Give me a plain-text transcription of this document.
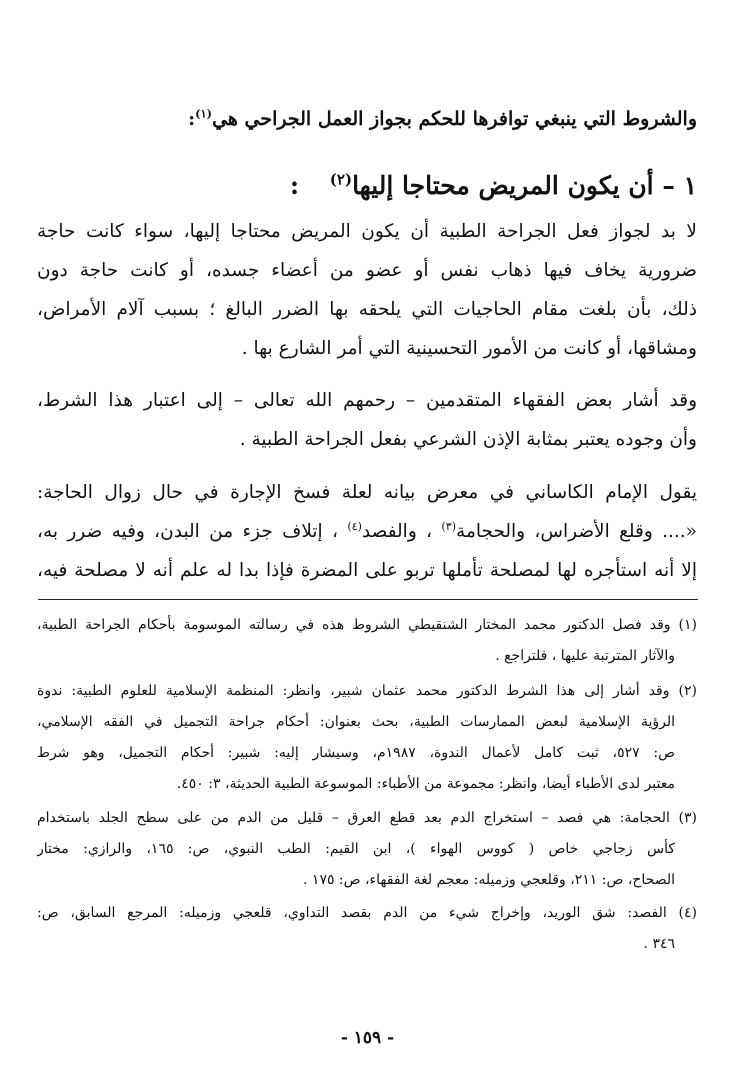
والشروط التي ينبغي توافرها للحكم بجواز العمل الجراحي هي$^{(١)}$:
١ – أن يكون المريض محتاجا إليها$^{(٢)}$ :
لا بد لجواز فعل الجراحة الطبية أن يكون المريض محتاجا إليها، سواء كانت حاجة
ضرورية يخاف فيها ذهاب نفس أو عضو من أعضاء جسده، أو كانت حاجة دون
ذلك، بأن بلغت مقام الحاجيات التي يلحقه بها الضرر البالغ ؛ بسبب آلام الأمراض،
ومشاقها، أو كانت من الأمور التحسينية التي أمر الشارع بها .
وقد أشار بعض الفقهاء المتقدمين – رحمهم الله تعالى – إلى اعتبار هذا الشرط،
وأن وجوده يعتبر بمثابة الإذن الشرعي بفعل الجراحة الطبية .
يقول الإمام الكاساني في معرض بيانه لعلة فسخ الإجارة في حال زوال الحاجة:
«.... وقلع الأضراس، والحجامة$^{(٣)}$ ، والفصد$^{(٤)}$ ، إتلاف جزء من البدن، وفيه ضرر به،
إلا أنه استأجره لها لمصلحة تأملها تربو على المضرة فإذا بدا له علم أنه لا مصلحة فيه،
(١) وقد فصل الدكتور محمد المختار الشنقيطي الشروط هذه في رسالته الموسومة بأحكام الجراحة الطبية،
والآثار المترتبة عليها ، فلتراجع .
(٢) وقد أشار إلى هذا الشرط الدكتور محمد عثمان شبير، وانظر: المنظمة الإسلامية للعلوم الطبية: ندوة
الرؤية الإسلامية لبعض الممارسات الطبية، بحث بعنوان: أحكام جراحة التجميل في الفقه الإسلامي،
ص: ٥٢٧، ثبت كامل لأعمال الندوة، ١٩٨٧م، وسيشار إليه: شبير: أحكام التجميل، وهو شرط
معتبر لدى الأطباء أيضا، وانظر: مجموعة من الأطباء: الموسوعة الطبية الحديثة، ٣: ٤٥٠.
(٣) الحجامة: هي فصد – استخراج الدم بعد قطع العرق – قليل من الدم من على سطح الجلد باستخدام
كأس زجاجي خاص ( كووس الهواء )، ابن القيم: الطب النبوي، ص: ١٦٥، والرازي: مختار
الصحاح، ص: ٢١١، وقلعجي وزميله: معجم لغة الفقهاء، ص: ١٧٥ .
(٤) الفصد: شق الوريد، وإخراج شيء من الدم بقصد التداوي، قلعجي وزميله: المرجع السابق، ص:
٣٤٦ .
- ١٥٩ -
